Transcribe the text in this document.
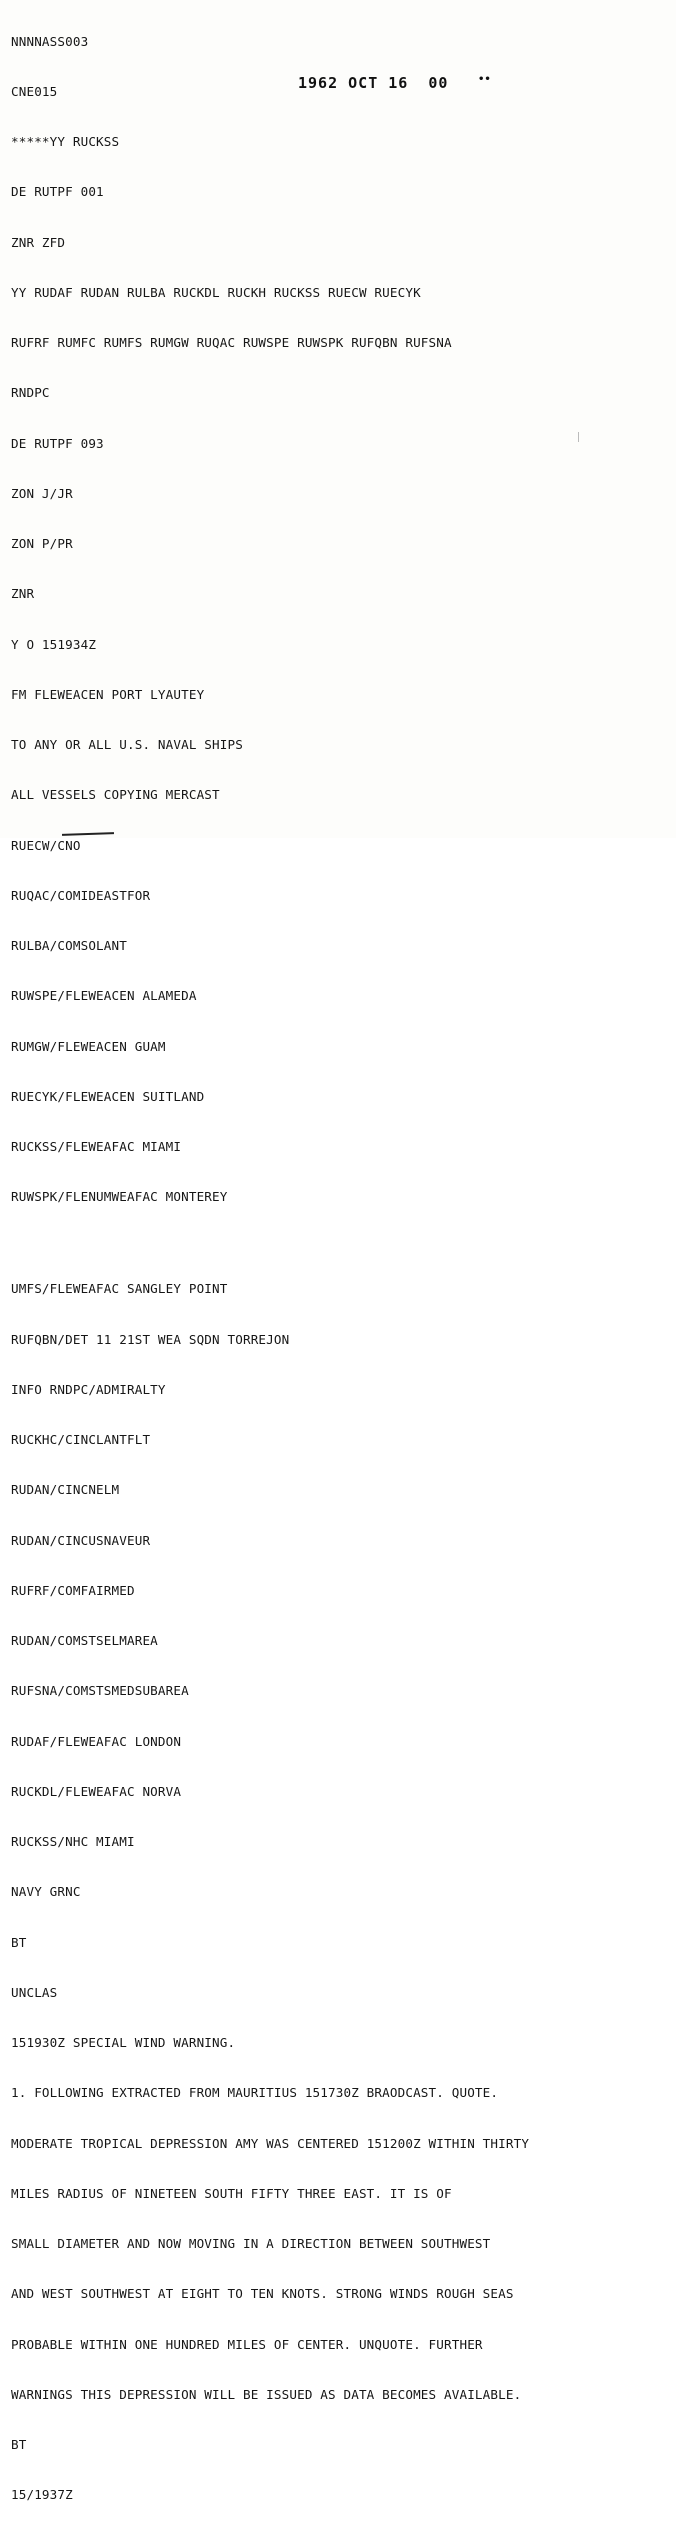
NNNNASS003

CNE015

*****YY RUCKSS

DE RUTPF 001

ZNR ZFD

YY RUDAF RUDAN RULBA RUCKDL RUCKH RUCKSS RUECW RUECYK

RUFRF RUMFC RUMFS RUMGW RUQAC RUWSPE RUWSPK RUFQBN RUFSNA

RNDPC

DE RUTPF 093

ZON J/JR

ZON P/PR

ZNR

Y O 151934Z

FM FLEWEACEN PORT LYAUTEY

TO ANY OR ALL U.S. NAVAL SHIPS

ALL VESSELS COPYING MERCAST

RUECW/CNO

RUQAC/COMIDEASTFOR

RULBA/COMSOLANT

RUWSPE/FLEWEACEN ALAMEDA

RUMGW/FLEWEACEN GUAM

RUECYK/FLEWEACEN SUITLAND

RUCKSS/FLEWEAFAC MIAMI

RUWSPK/FLENUMWEAFAC MONTEREY

UMFS/FLEWEAFAC SANGLEY POINT

RUFQBN/DET 11 21ST WEA SQDN TORREJON

INFO RNDPC/ADMIRALTY

RUCKHC/CINCLANTFLT

RUDAN/CINCNELM

RUDAN/CINCUSNAVEUR

RUFRF/COMFAIRMED

RUDAN/COMSTSELMAREA

RUFSNA/COMSTSMEDSUBAREA

RUDAF/FLEWEAFAC LONDON

RUCKDL/FLEWEAFAC NORVA

RUCKSS/NHC MIAMI

NAVY GRNC

BT

UNCLAS

151930Z SPECIAL WIND WARNING.

1. FOLLOWING EXTRACTED FROM MAURITIUS 151730Z BRAODCAST. QUOTE.

MODERATE TROPICAL DEPRESSION AMY WAS CENTERED 151200Z WITHIN THIRTY

MILES RADIUS OF NINETEEN SOUTH FIFTY THREE EAST. IT IS OF

SMALL DIAMETER AND NOW MOVING IN A DIRECTION BETWEEN SOUTHWEST

AND WEST SOUTHWEST AT EIGHT TO TEN KNOTS. STRONG WINDS ROUGH SEAS

PROBABLE WITHIN ONE HUNDRED MILES OF CENTER. UNQUOTE. FURTHER

WARNINGS THIS DEPRESSION WILL BE ISSUED AS DATA BECOMES AVAILABLE.

BT

15/1937Z

1962 OCT 16  00	••
